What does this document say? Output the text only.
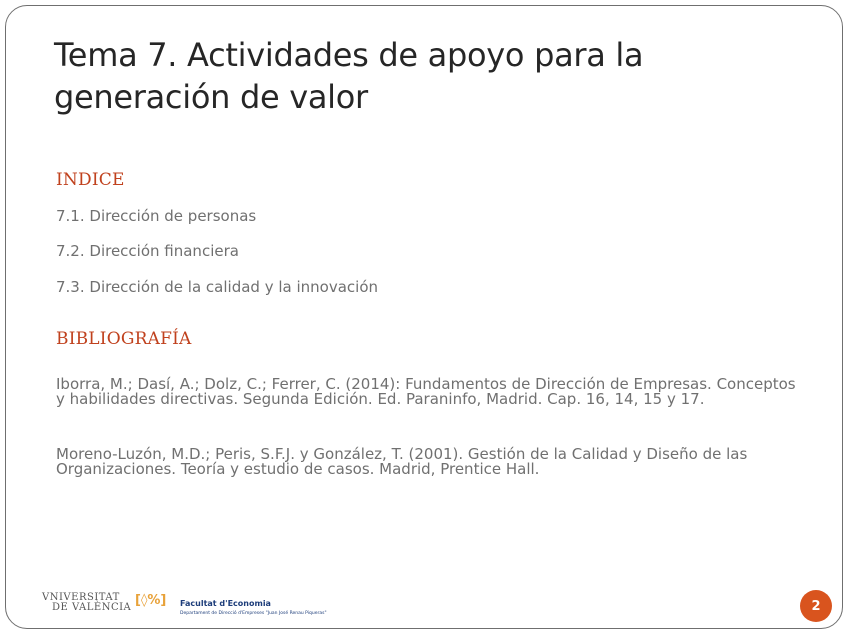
Tema 7. Actividades de apoyo para la generación de valor
INDICE
7.1. Dirección de personas
7.2. Dirección financiera
7.3. Dirección de la calidad y la innovación
BIBLIOGRAFÍA
Iborra, M.; Dasí, A.; Dolz, C.; Ferrer, C. (2014): Fundamentos de Dirección de Empresas. Conceptos y habilidades directivas. Segunda Edición. Ed. Paraninfo, Madrid. Cap. 16, 14, 15 y 17.
Moreno-Luzón, M.D.; Peris, S.F.J. y González, T. (2001). Gestión de la Calidad y Diseño de las Organizaciones. Teoría y estudio de casos. Madrid, Prentice Hall.
VNIVERSITAT
DE VALÈNCIA [◊%] Facultat d'Economia
Departament de Direcció d'Empreses "Juan José Renau Piqueras"	2
